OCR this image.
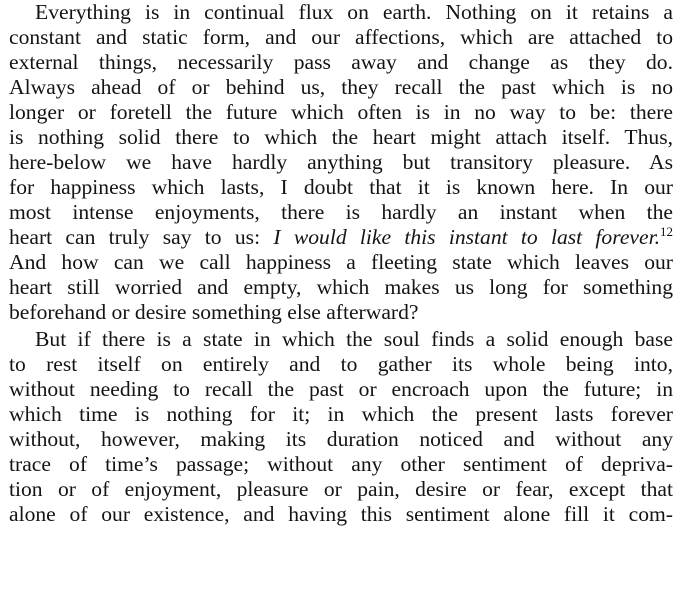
Everything is in continual flux on earth. Nothing on it retains a
constant and static form, and our affections, which are attached to
external things, necessarily pass away and change as they do.
Always ahead of or behind us, they recall the past which is no
longer or foretell the future which often is in no way to be: there
is nothing solid there to which the heart might attach itself. Thus,
here-below we have hardly anything but transitory pleasure. As
for happiness which lasts, I doubt that it is known here. In our
most intense enjoyments, there is hardly an instant when the
heart can truly say to us: I would like this instant to last forever.$^{12}$
And how can we call happiness a fleeting state which leaves our
heart still worried and empty, which makes us long for something
beforehand or desire something else afterward?
But if there is a state in which the soul finds a solid enough base
to rest itself on entirely and to gather its whole being into,
without needing to recall the past or encroach upon the future; in
which time is nothing for it; in which the present lasts forever
without, however, making its duration noticed and without any
trace of time’s passage; without any other sentiment of depriva-
tion or of enjoyment, pleasure or pain, desire or fear, except that
alone of our existence, and having this sentiment alone fill it com-
